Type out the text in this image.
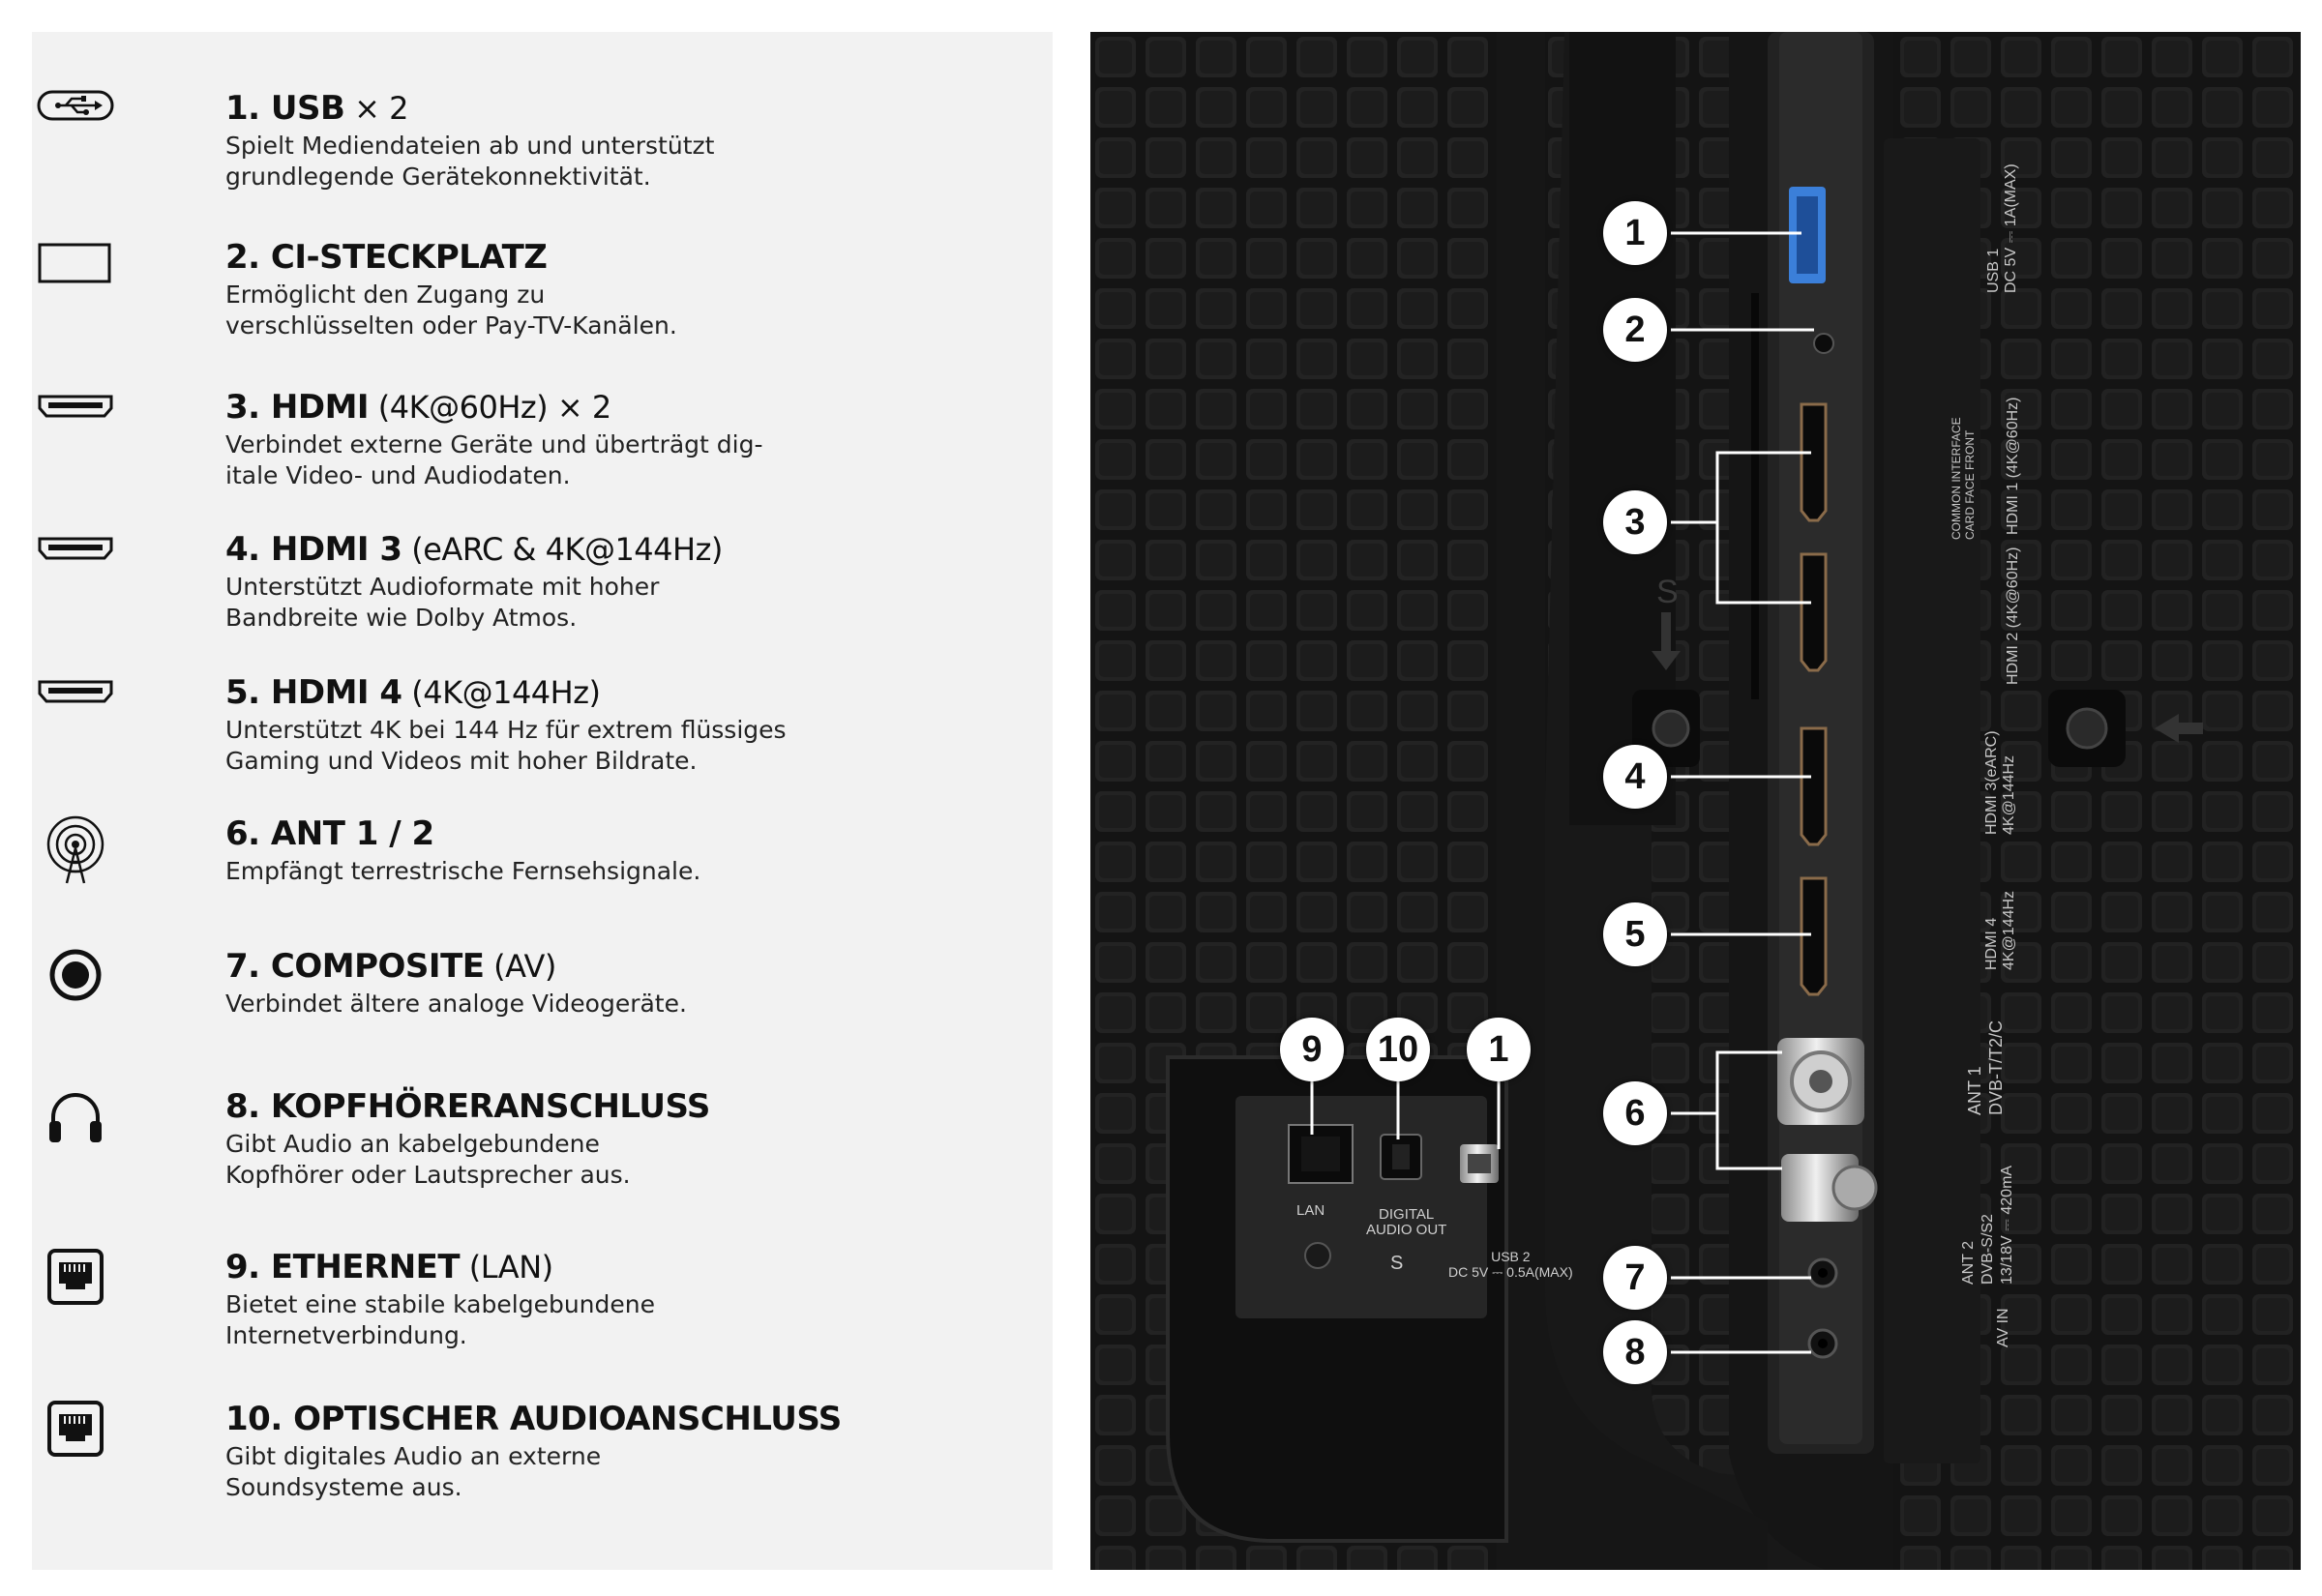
1. USB × 2
Spielt Mediendateien ab und unterstützt
grundlegende Gerätekonnektivität.
2. CI-STECKPLATZ
Ermöglicht den Zugang zu
verschlüsselten oder Pay-TV-Kanälen.
3. HDMI (4K@60Hz) × 2
Verbindet externe Geräte und überträgt dig-
itale Video- und Audiodaten.
4. HDMI 3 (eARC & 4K@144Hz)
Unterstützt Audioformate mit hoher
Bandbreite wie Dolby Atmos.
5. HDMI 4 (4K@144Hz)
Unterstützt 4K bei 144 Hz für extrem flüssiges
Gaming und Videos mit hoher Bildrate.
6. ANT 1 / 2
Empfängt terrestrische Fernsehsignale.
7. COMPOSITE (AV)
Verbindet ältere analoge Videogeräte.
8. KOPFHÖRERANSCHLUSS
Gibt Audio an kabelgebundene
Kopfhörer oder Lautsprecher aus.
9. ETHERNET (LAN)
Bietet eine stabile kabelgebundene
Internetverbindung.
10. OPTISCHER AUDIOANSCHLUSS
Gibt digitales Audio an externe
Soundsysteme aus.
1
2
3
4
5
6
7
8
9	10	1
LAN	DIGITAL
AUDIO OUT
USB 2
DC 5V ⎓ 0.5A(MAX)
S
S
USB 1 DC 5V ⎓ 1A(MAX)
COMMON INTERFACE CARD FACE FRONT HDMI 1 (4K@60Hz)
HDMI 2 (4K@60Hz)
HDMI 3(eARC) 4K@144Hz
HDMI 4 4K@144Hz
ANT 1 DVB-T/T2/C
ANT 2 DVB-S/S2 13/18V ⎓ 420mA
AV IN
